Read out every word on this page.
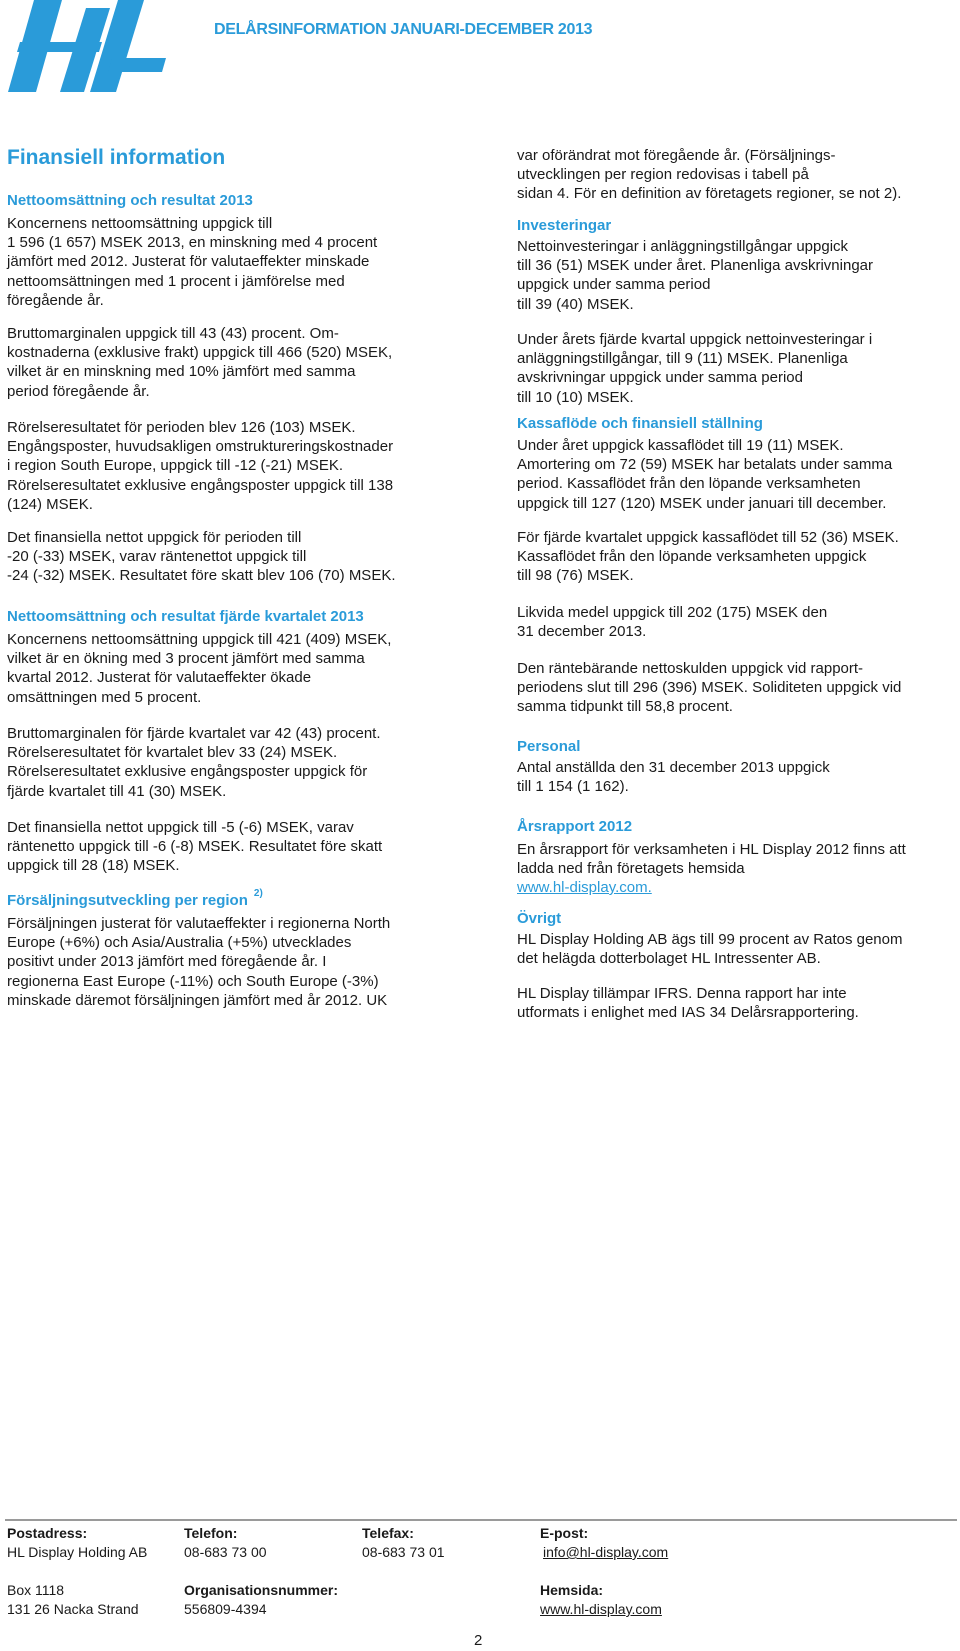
DELÅRSINFORMATION JANUARI-DECEMBER 2013
Finansiell information
Nettoomsättning och resultat 2013
Koncernens nettoomsättning uppgick till
1 596 (1 657) MSEK 2013, en minskning med 4 procent
jämfört med 2012. Justerat för valutaeffekter minskade
nettoomsättningen med 1 procent i jämförelse med
föregående år.
Bruttomarginalen uppgick till 43 (43) procent. Om-
kostnaderna (exklusive frakt) uppgick till 466 (520) MSEK,
vilket är en minskning med 10% jämfört med samma
period föregående år.
Rörelseresultatet för perioden blev 126 (103) MSEK.
Engångsposter, huvudsakligen omstruktureringskostnader
i region South Europe, uppgick till -12 (-21) MSEK.
Rörelseresultatet exklusive engångsposter uppgick till 138
(124) MSEK.
Det finansiella nettot uppgick för perioden till
-20 (-33) MSEK, varav räntenettot uppgick till
-24 (-32) MSEK. Resultatet före skatt blev 106 (70) MSEK.
Nettoomsättning och resultat fjärde kvartalet 2013
Koncernens nettoomsättning uppgick till 421 (409) MSEK,
vilket är en ökning med 3 procent jämfört med samma
kvartal 2012. Justerat för valutaeffekter ökade
omsättningen med 5 procent.
Bruttomarginalen för fjärde kvartalet var 42 (43) procent.
Rörelseresultatet för kvartalet blev 33 (24) MSEK.
Rörelseresultatet exklusive engångsposter uppgick för
fjärde kvartalet till 41 (30) MSEK.
Det finansiella nettot uppgick till -5 (-6) MSEK, varav
räntenetto uppgick till -6 (-8) MSEK. Resultatet före skatt
uppgick till 28 (18) MSEK.
Försäljningsutveckling per region $^{2)}$
Försäljningen justerat för valutaeffekter i regionerna North
Europe (+6%) och Asia/Australia (+5%) utvecklades
positivt under 2013 jämfört med föregående år. I
regionerna East Europe (-11%) och South Europe (-3%)
minskade däremot försäljningen jämfört med år 2012. UK
var oförändrat mot föregående år. (Försäljnings-
utvecklingen per region redovisas i tabell på
sidan 4. För en definition av företagets regioner, se not 2).
Investeringar
Nettoinvesteringar i anläggningstillgångar uppgick
till 36 (51) MSEK under året. Planenliga avskrivningar
uppgick under samma period
till 39 (40) MSEK.
Under årets fjärde kvartal uppgick nettoinvesteringar i
anläggningstillgångar, till 9 (11) MSEK. Planenliga
avskrivningar uppgick under samma period
till 10 (10) MSEK.
Kassaflöde och finansiell ställning
Under året uppgick kassaflödet till 19 (11) MSEK.
Amortering om 72 (59) MSEK har betalats under samma
period. Kassaflödet från den löpande verksamheten
uppgick till 127 (120) MSEK under januari till december.
För fjärde kvartalet uppgick kassaflödet till 52 (36) MSEK.
Kassaflödet från den löpande verksamheten uppgick
till 98 (76) MSEK.
Likvida medel uppgick till 202 (175) MSEK den
31 december 2013.
Den räntebärande nettoskulden uppgick vid rapport-
periodens slut till 296 (396) MSEK. Soliditeten uppgick vid
samma tidpunkt till 58,8 procent.
Personal
Antal anställda den 31 december 2013 uppgick
till 1 154 (1 162).
Årsrapport 2012
En årsrapport för verksamheten i HL Display 2012 finns att
ladda ned från företagets hemsida
www.hl-display.com.
Övrigt
HL Display Holding AB ägs till 99 procent av Ratos genom
det helägda dotterbolaget HL Intressenter AB.
HL Display tillämpar IFRS. Denna rapport har inte
utformats i enlighet med IAS 34 Delårsrapportering.
Postadress:
HL Display Holding AB
Box 1118
131 26 Nacka Strand
Telefon:
08-683 73 00
Organisationsnummer:
556809-4394
Telefax:
08-683 73 01
E-post:
info@hl-display.com
Hemsida:
www.hl-display.com
2
